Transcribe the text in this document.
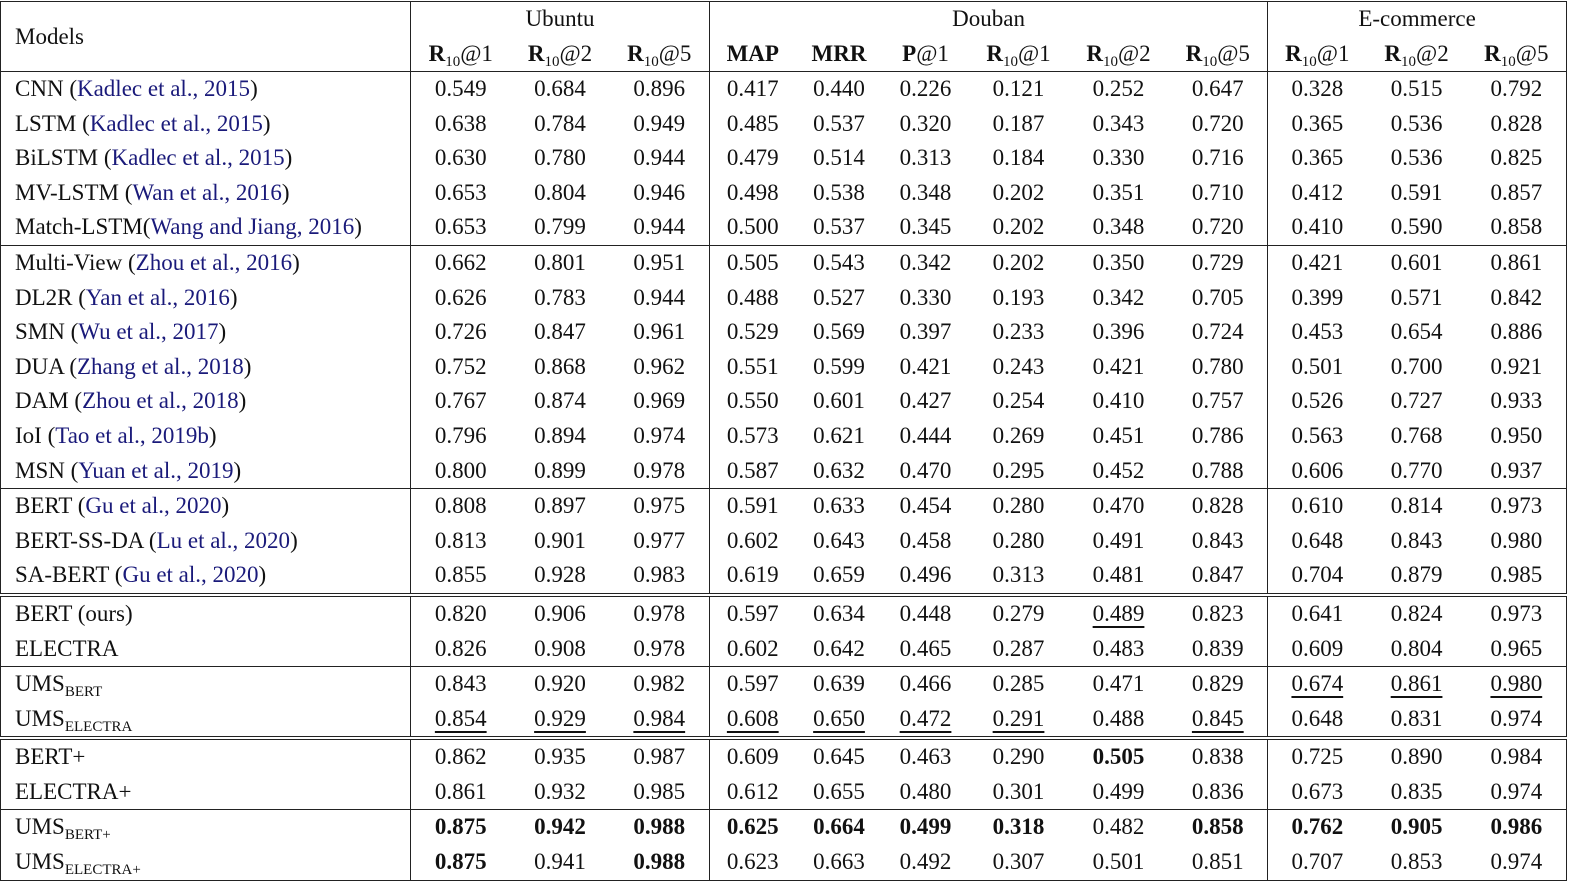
Models	Ubuntu			Douban						E-commerce		
	$R_{10}@1$	$R_{10}@2$	$R_{10}@5$	MAP	MRR	P@1	$R_{10}@1$	$R_{10}@2$	$R_{10}@5$	$R_{10}@1$	$R_{10}@2$	$R_{10}@5$
CNN (Kadlec et al., 2015)	0.549	0.684	0.896	0.417	0.440	0.226	0.121	0.252	0.647	0.328	0.515	0.792
LSTM (Kadlec et al., 2015)	0.638	0.784	0.949	0.485	0.537	0.320	0.187	0.343	0.720	0.365	0.536	0.828
BiLSTM (Kadlec et al., 2015)	0.630	0.780	0.944	0.479	0.514	0.313	0.184	0.330	0.716	0.365	0.536	0.825
MV-LSTM (Wan et al., 2016)	0.653	0.804	0.946	0.498	0.538	0.348	0.202	0.351	0.710	0.412	0.591	0.857
Match-LSTM(Wang and Jiang, 2016)	0.653	0.799	0.944	0.500	0.537	0.345	0.202	0.348	0.720	0.410	0.590	0.858
Multi-View (Zhou et al., 2016)	0.662	0.801	0.951	0.505	0.543	0.342	0.202	0.350	0.729	0.421	0.601	0.861
DL2R (Yan et al., 2016)	0.626	0.783	0.944	0.488	0.527	0.330	0.193	0.342	0.705	0.399	0.571	0.842
SMN (Wu et al., 2017)	0.726	0.847	0.961	0.529	0.569	0.397	0.233	0.396	0.724	0.453	0.654	0.886
DUA (Zhang et al., 2018)	0.752	0.868	0.962	0.551	0.599	0.421	0.243	0.421	0.780	0.501	0.700	0.921
DAM (Zhou et al., 2018)	0.767	0.874	0.969	0.550	0.601	0.427	0.254	0.410	0.757	0.526	0.727	0.933
IoI (Tao et al., 2019b)	0.796	0.894	0.974	0.573	0.621	0.444	0.269	0.451	0.786	0.563	0.768	0.950
MSN (Yuan et al., 2019)	0.800	0.899	0.978	0.587	0.632	0.470	0.295	0.452	0.788	0.606	0.770	0.937
BERT (Gu et al., 2020)	0.808	0.897	0.975	0.591	0.633	0.454	0.280	0.470	0.828	0.610	0.814	0.973
BERT-SS-DA (Lu et al., 2020)	0.813	0.901	0.977	0.602	0.643	0.458	0.280	0.491	0.843	0.648	0.843	0.980
SA-BERT (Gu et al., 2020)	0.855	0.928	0.983	0.619	0.659	0.496	0.313	0.481	0.847	0.704	0.879	0.985
BERT (ours)	0.820	0.906	0.978	0.597	0.634	0.448	0.279	0.489	0.823	0.641	0.824	0.973
ELECTRA	0.826	0.908	0.978	0.602	0.642	0.465	0.287	0.483	0.839	0.609	0.804	0.965
$UMS_{BERT}$	0.843	0.920	0.982	0.597	0.639	0.466	0.285	0.471	0.829	0.674	0.861	0.980
$UMS_{ELECTRA}$	0.854	0.929	0.984	0.608	0.650	0.472	0.291	0.488	0.845	0.648	0.831	0.974
BERT+	0.862	0.935	0.987	0.609	0.645	0.463	0.290	0.505	0.838	0.725	0.890	0.984
ELECTRA+	0.861	0.932	0.985	0.612	0.655	0.480	0.301	0.499	0.836	0.673	0.835	0.974
$UMS_{BERT+}$	0.875	0.942	0.988	0.625	0.664	0.499	0.318	0.482	0.858	0.762	0.905	0.986
$UMS_{ELECTRA+}$	0.875	0.941	0.988	0.623	0.663	0.492	0.307	0.501	0.851	0.707	0.853	0.974
